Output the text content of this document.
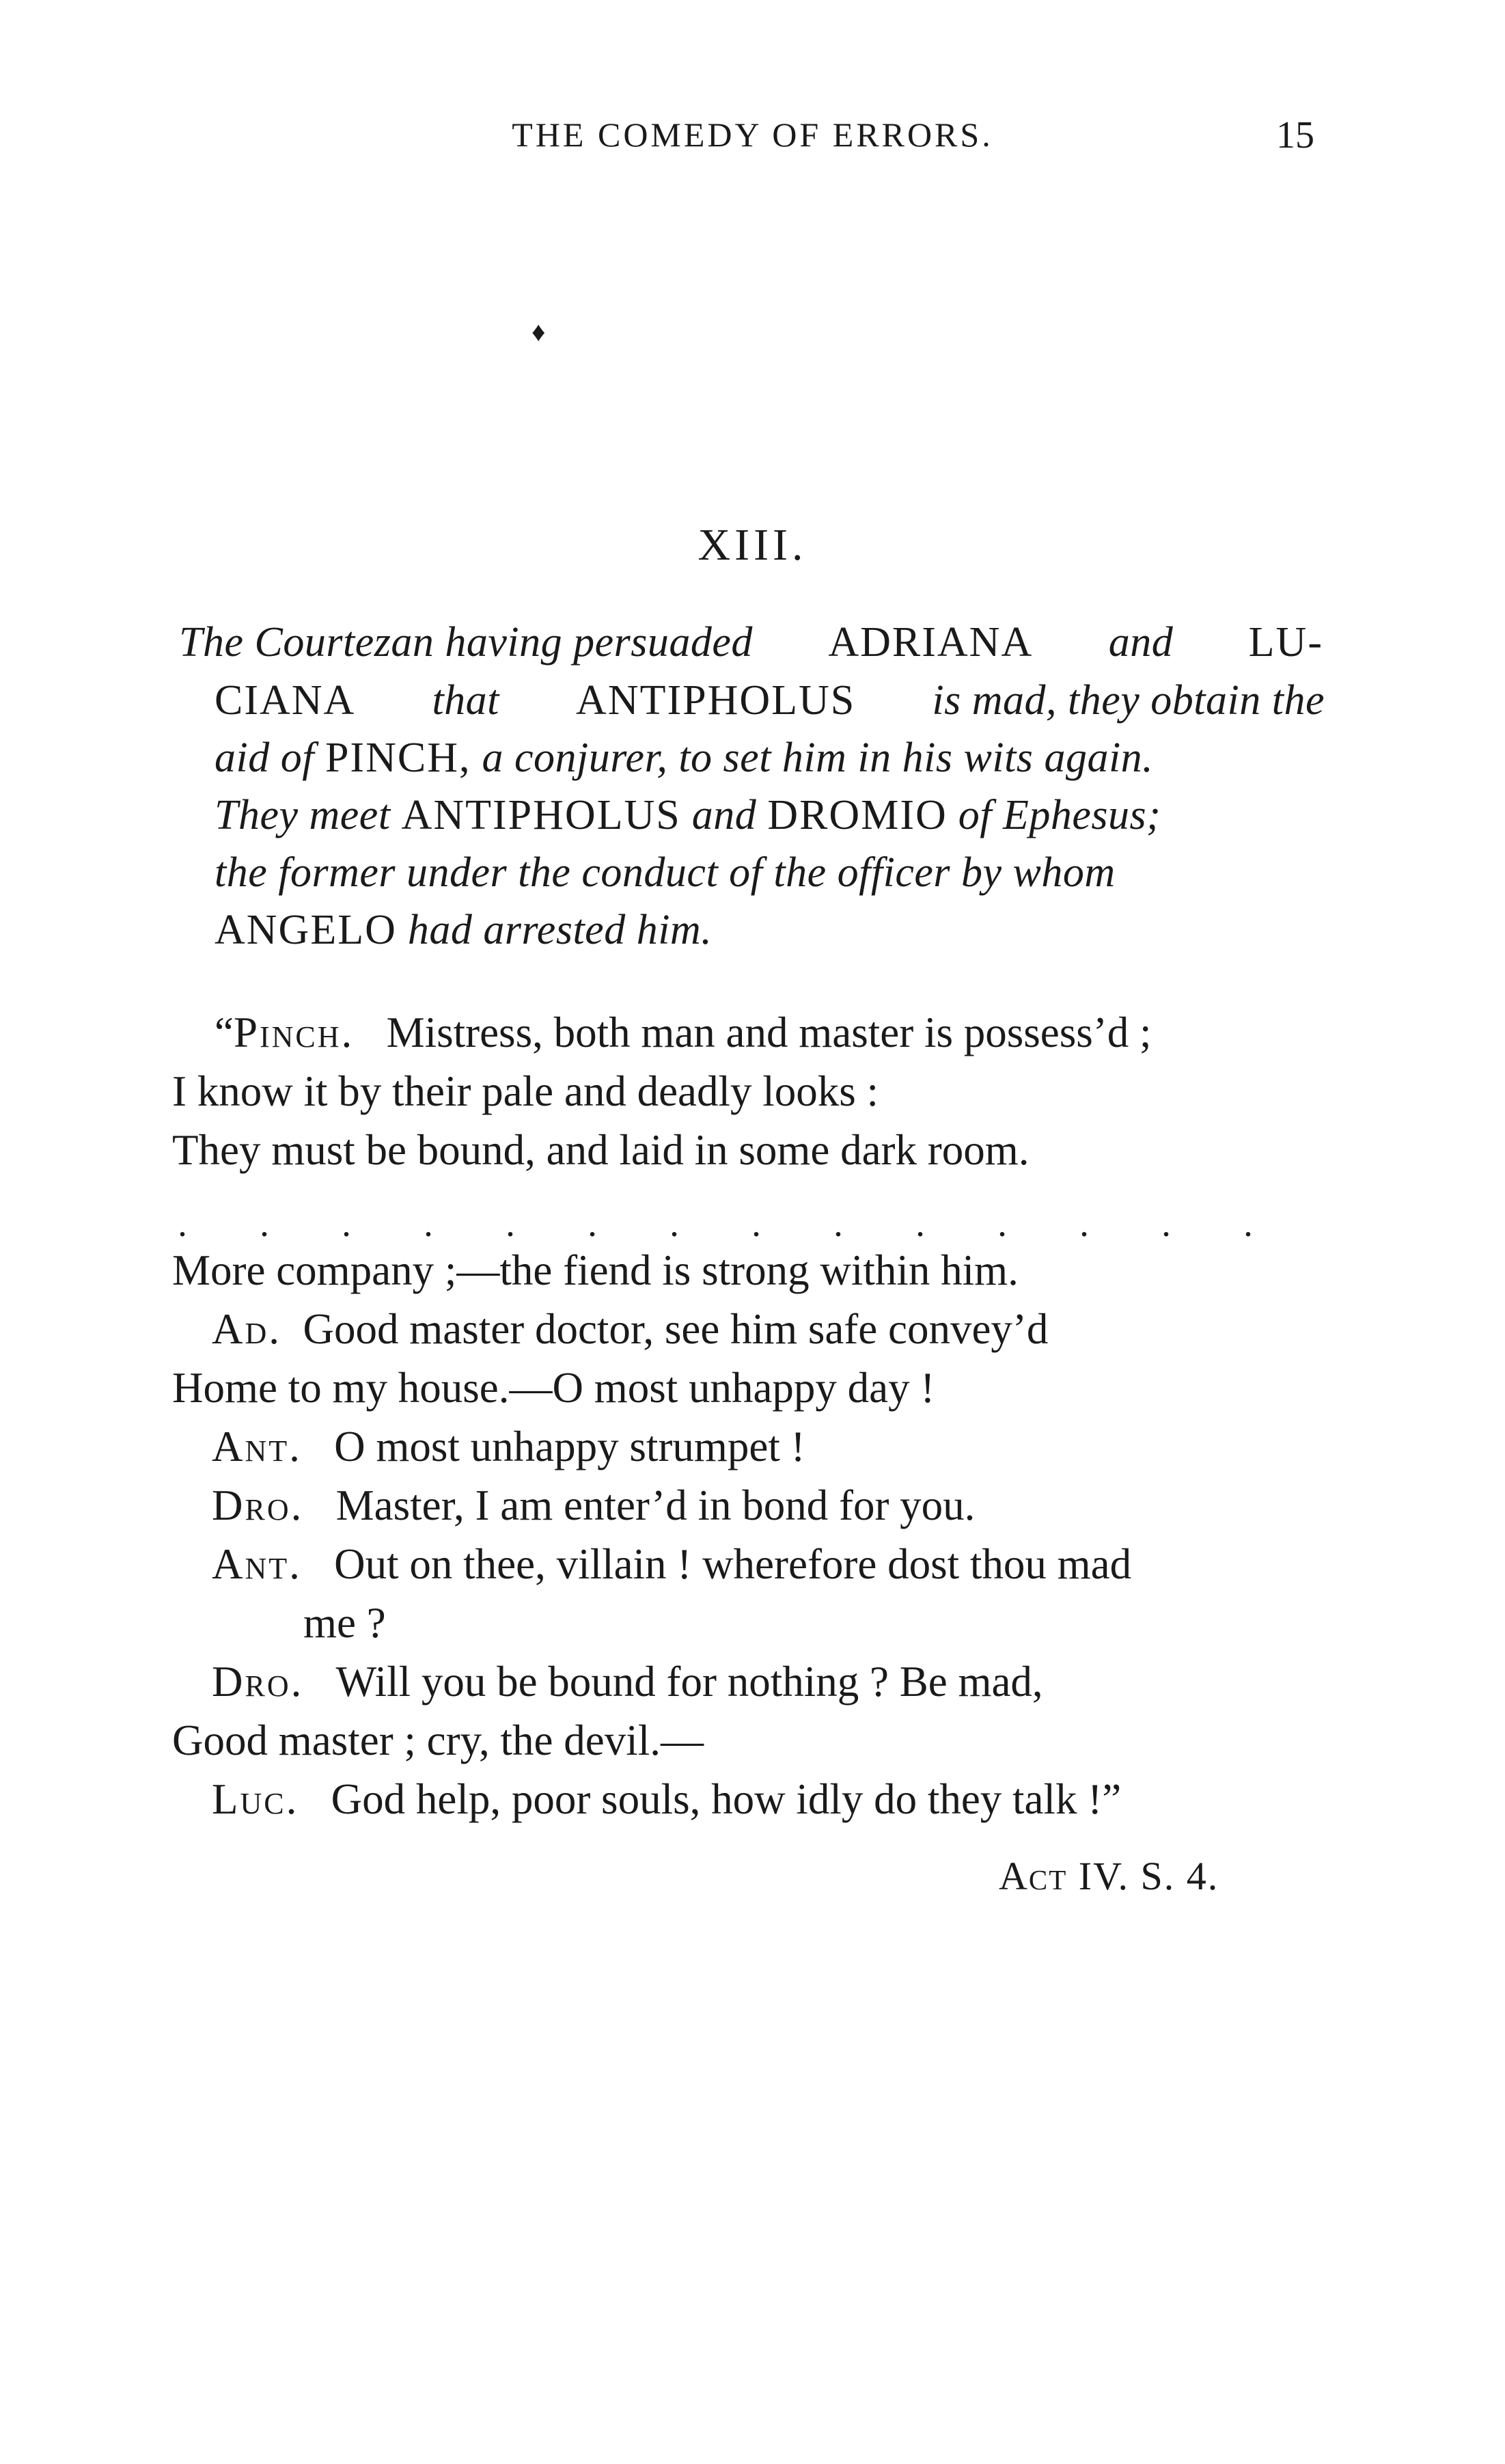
THE COMEDY OF ERRORS.	15
♦
XIII.
The Courtezan having persuaded ADRIANA and LU-
CIANA that ANTIPHOLUS is mad, they obtain the
aid of PINCH, a conjurer, to set him in his wits again.
They meet ANTIPHOLUS and DROMIO of Ephesus;
the former under the conduct of the officer by whom
ANGELO had arrested him.
“Pinch. Mistress, both man and master is possess’d ;
I know it by their pale and deadly looks :
They must be bound, and laid in some dark room.
.	.	.	.	.	.	.	.	.	.	.	.	.	.
More company ;—the fiend is strong within him.
Ad. Good master doctor, see him safe convey’d
Home to my house.—O most unhappy day !
Ant. O most unhappy strumpet !
Dro. Master, I am enter’d in bond for you.
Ant. Out on thee, villain ! wherefore dost thou mad
me ?
Dro. Will you be bound for nothing ? Be mad,
Good master ; cry, the devil.—
Luc. God help, poor souls, how idly do they talk !”
Act IV. S. 4.
